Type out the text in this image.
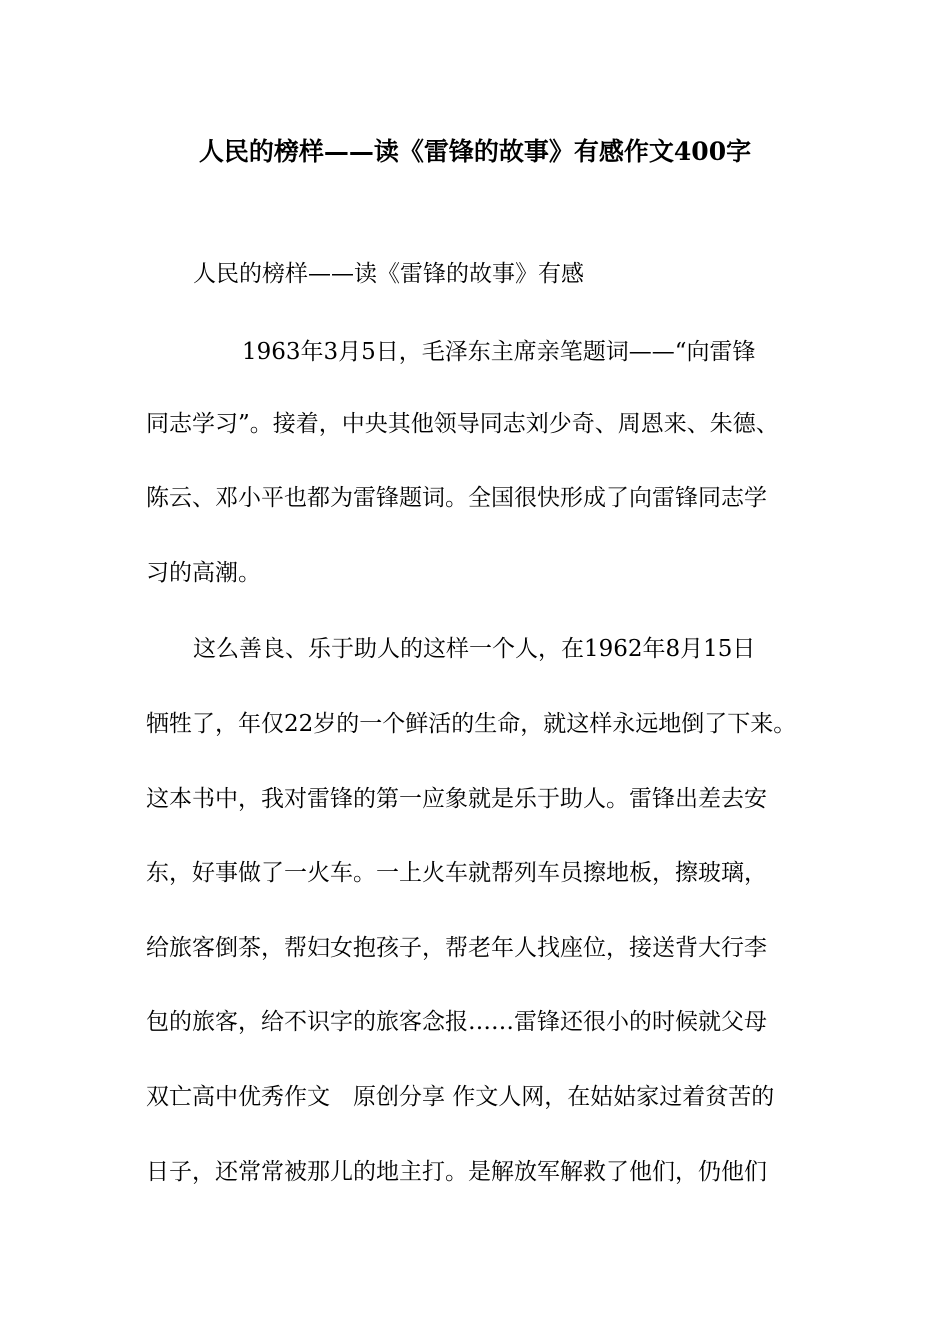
人民的榜样——读《雷锋的故事》有感作文400字
人民的榜样——读《雷锋的故事》有感
1963年3月5日，毛泽东主席亲笔题词——“向雷锋
同志学习”。接着，中央其他领导同志刘少奇、周恩来、朱德、
陈云、邓小平也都为雷锋题词。全国很快形成了向雷锋同志学
习的高潮。
这么善良、乐于助人的这样一个人，在1962年8月15日
牺牲了，年仅22岁的一个鲜活的生命，就这样永远地倒了下来。
这本书中，我对雷锋的第一应象就是乐于助人。雷锋出差去安
东，好事做了一火车。一上火车就帮列车员擦地板，擦玻璃，
给旅客倒茶，帮妇女抱孩子，帮老年人找座位，接送背大行李
包的旅客，给不识字的旅客念报……雷锋还很小的时候就父母
双亡高中优秀作文　原创分享 作文人网，在姑姑家过着贫苦的
日子，还常常被那儿的地主打。是解放军解救了他们，仍他们
